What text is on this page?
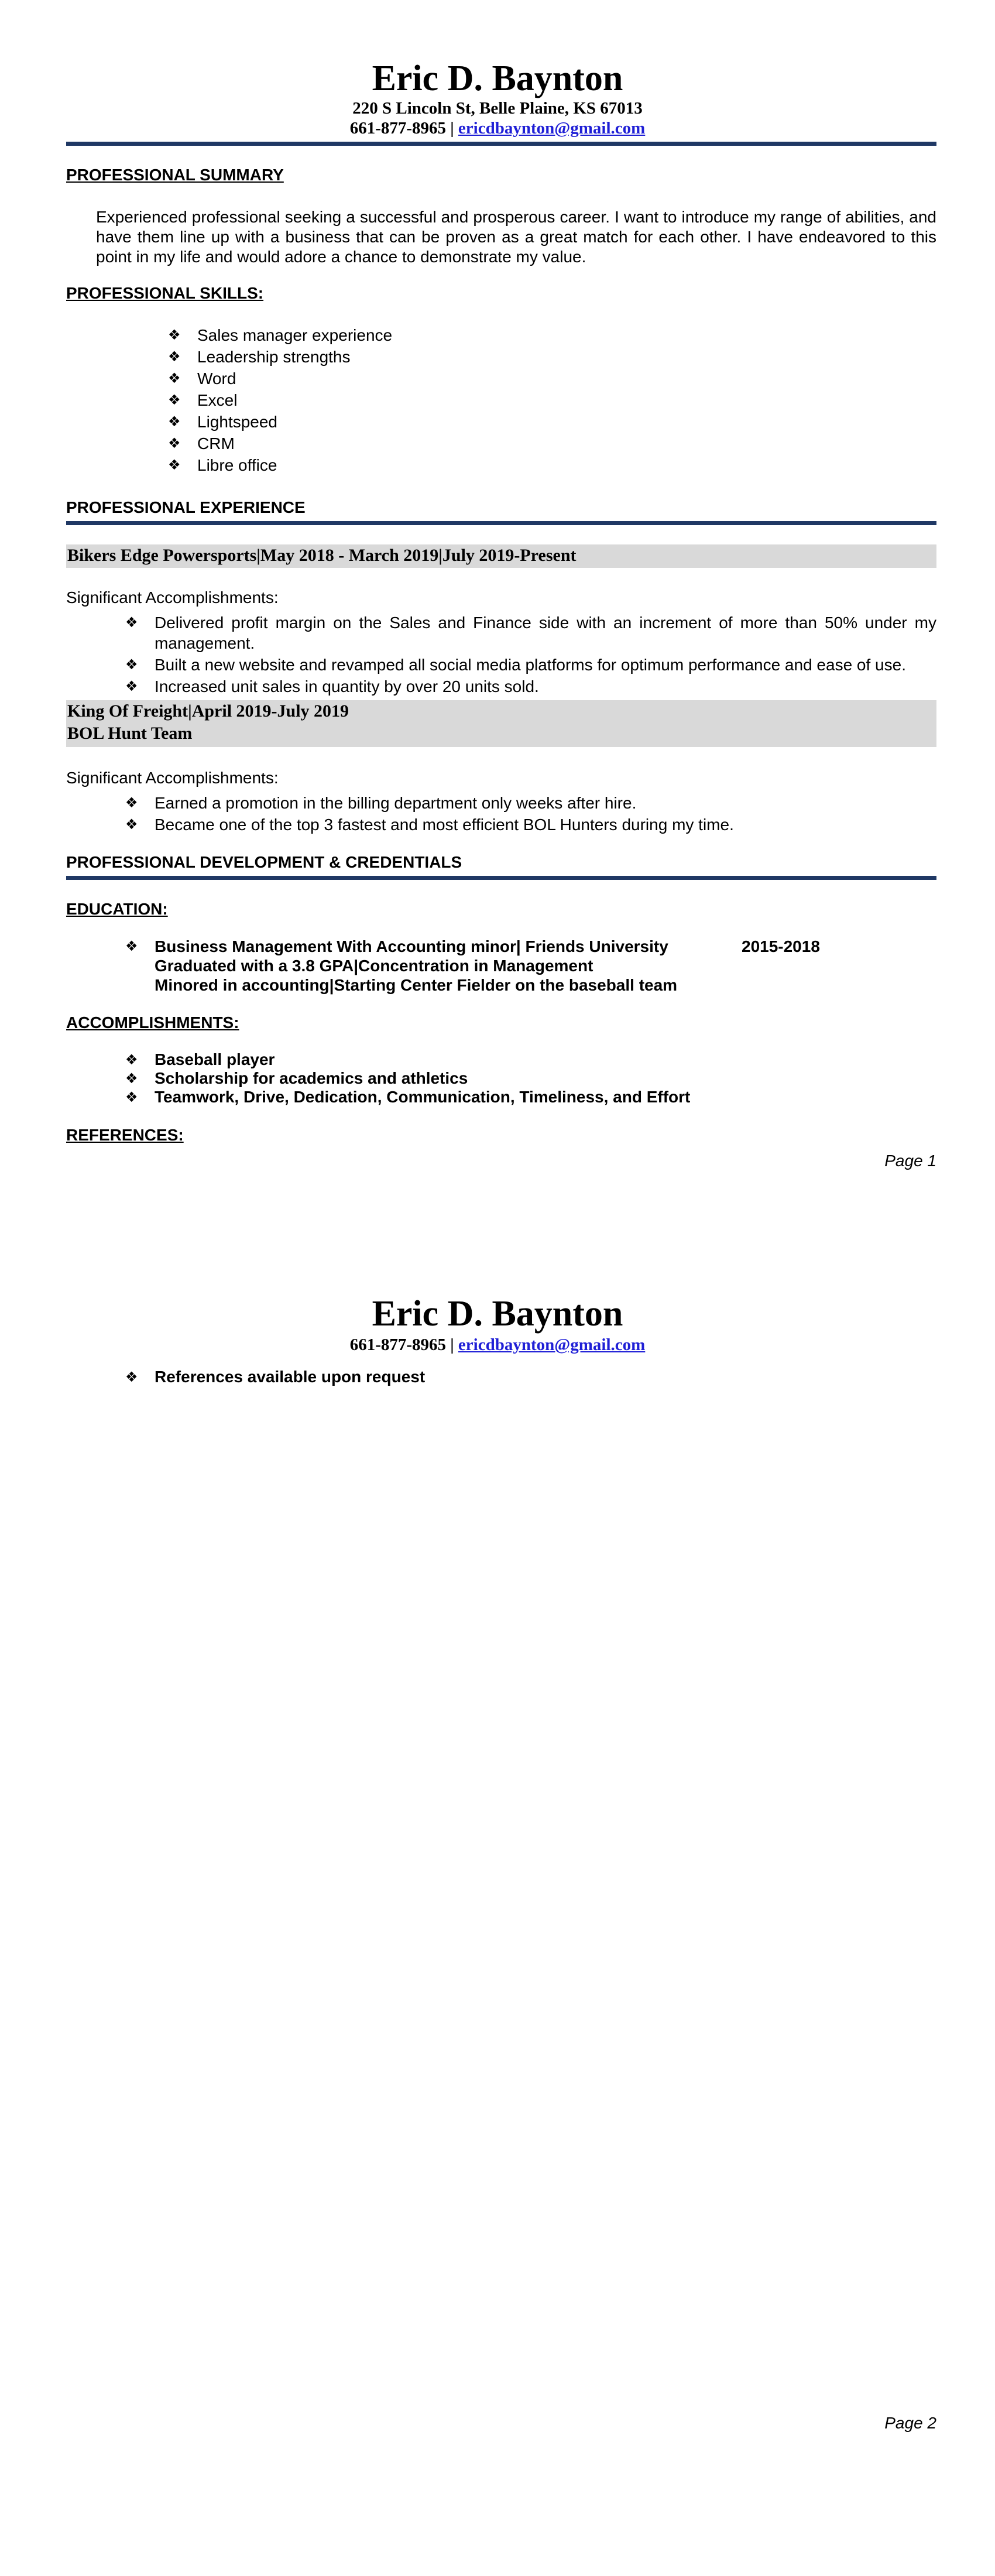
Eric D. Baynton
220 S Lincoln St, Belle Plaine, KS 67013
661-877-8965 | ericdbaynton@gmail.com
PROFESSIONAL SUMMARY

Experienced professional seeking a successful and prosperous career. I want to introduce my range of abilities, and have them line up with a business that can be proven as a great match for each other. I have endeavored to this point in my life and would adore a chance to demonstrate my value.

PROFESSIONAL SKILLS:
❖ Sales manager experience
❖ Leadership strengths
❖ Word
❖ Excel
❖ Lightspeed
❖ CRM
❖ Libre office
PROFESSIONAL EXPERIENCE
Bikers Edge Powersports|May 2018 - March 2019|July 2019-Present
Significant Accomplishments:
❖ Delivered profit margin on the Sales and Finance side with an increment of more than 50% under my management.
❖ Built a new website and revamped all social media platforms for optimum performance and ease of use.
❖ Increased unit sales in quantity by over 20 units sold.
King Of Freight|April 2019-July 2019
BOL Hunt Team
Significant Accomplishments:
❖ Earned a promotion in the billing department only weeks after hire.
❖ Became one of the top 3 fastest and most efficient BOL Hunters during my time.
PROFESSIONAL DEVELOPMENT & CREDENTIALS
EDUCATION:
❖	Business Management With Accounting minor| Friends University	2015-2018
Graduated with a 3.8 GPA|Concentration in Management
Minored in accounting|Starting Center Fielder on the baseball team
ACCOMPLISHMENTS:
❖ Baseball player
❖ Scholarship for academics and athletics
❖ Teamwork, Drive, Dedication, Communication, Timeliness, and Effort
REFERENCES:
Page 1
Eric D. Baynton
661-877-8965 | ericdbaynton@gmail.com
❖ References available upon request
Page 2
